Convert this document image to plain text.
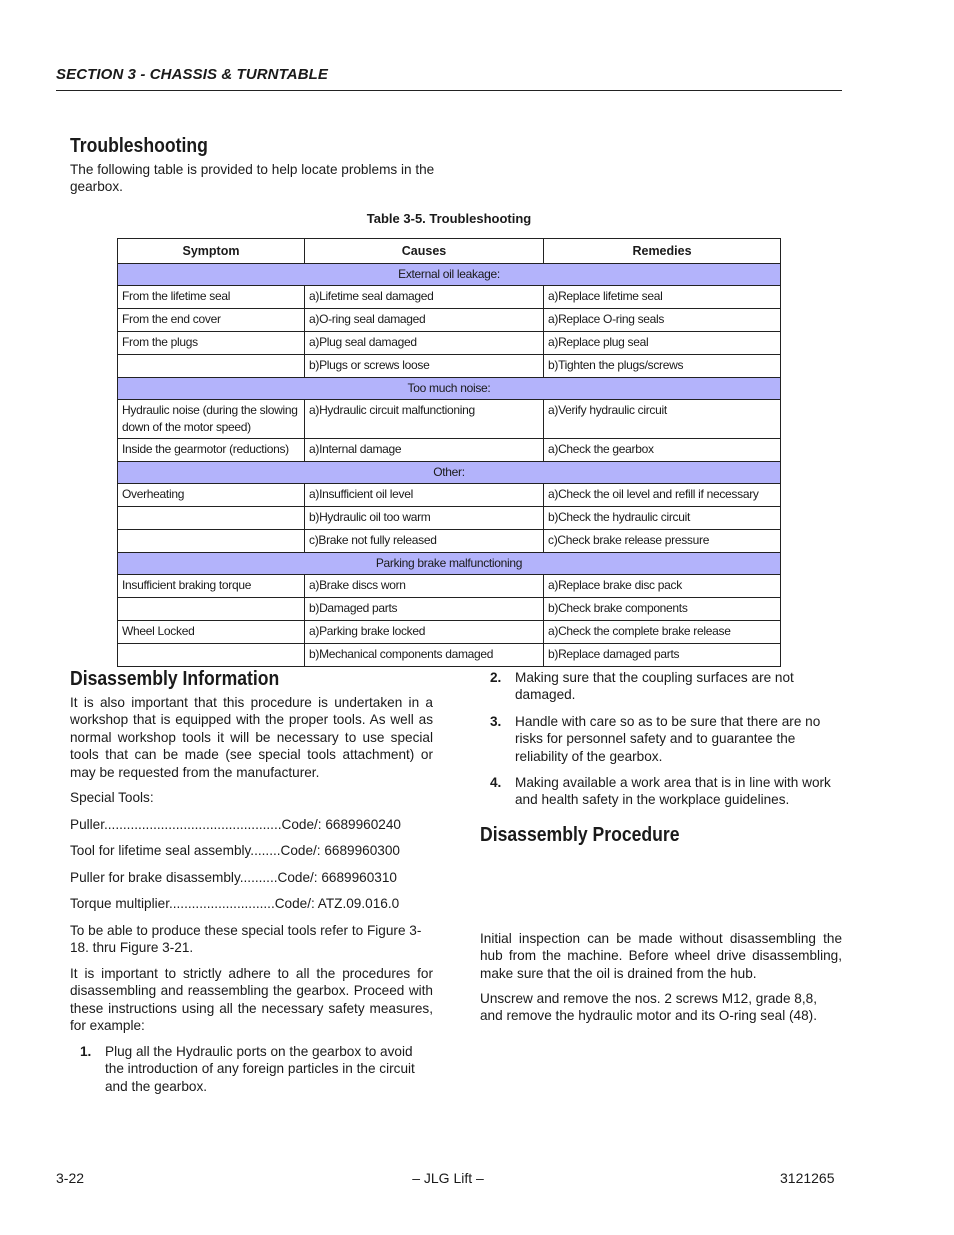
SECTION 3 - CHASSIS & TURNTABLE
Troubleshooting

The following table is provided to help locate problems in the gearbox.

Table 3-5. Troubleshooting
Symptom	Causes	Remedies
External oil leakage:		
From the lifetime seal	a)Lifetime seal damaged	a)Replace lifetime seal
From the end cover	a)O-ring seal damaged	a)Replace O-ring seals
From the plugs	a)Plug seal damaged	a)Replace plug seal
	b)Plugs or screws loose	b)Tighten the plugs/screws
Too much noise:		
Hydraulic noise (during the slowing down of the motor speed)	a)Hydraulic circuit malfunctioning	a)Verify hydraulic circuit
Inside the gearmotor (reductions)	a)Internal damage	a)Check the gearbox
Other:		
Overheating	a)Insufficient oil level	a)Check the oil level and refill if necessary
	b)Hydraulic oil too warm	b)Check the hydraulic circuit
	c)Brake not fully released	c)Check brake release pressure
Parking brake malfunctioning		
Insufficient braking torque	a)Brake discs worn	a)Replace brake disc pack
	b)Damaged parts	b)Check brake components
Wheel Locked	a)Parking brake locked	a)Check the complete brake release
	b)Mechanical components damaged	b)Replace damaged parts
Disassembly Information

It is also important that this procedure is undertaken in a workshop that is equipped with the proper tools. As well as normal workshop tools it will be necessary to use special tools that can be made (see special tools attachment) or may be requested from the manufacturer.

Special Tools:

Puller...............................................Code/: 6689960240

Tool for lifetime seal assembly........Code/: 6689960300

Puller for brake disassembly..........Code/: 6689960310

Torque multiplier............................Code/: ATZ.09.016.0

To be able to produce these special tools refer to Figure 3-18. thru Figure 3-21.

It is important to strictly adhere to all the procedures for disassembling and reassembling the gearbox. Proceed with these instructions using all the necessary safety measures, for example:

1. Plug all the Hydraulic ports on the gearbox to avoid the introduction of any foreign particles in the circuit and the gearbox.
2. Making sure that the coupling surfaces are not damaged.
3. Handle with care so as to be sure that there are no risks for personnel safety and to guarantee the reliability of the gearbox.
4. Making available a work area that is in line with work and health safety in the workplace guidelines.
Disassembly Procedure

Initial inspection can be made without disassembling the hub from the machine. Before wheel drive disassembling, make sure that the oil is drained from the hub.

Unscrew and remove the nos. 2 screws M12, grade 8,8, and remove the hydraulic motor and its O-ring seal (48).

3-22	– JLG Lift –	3121265
